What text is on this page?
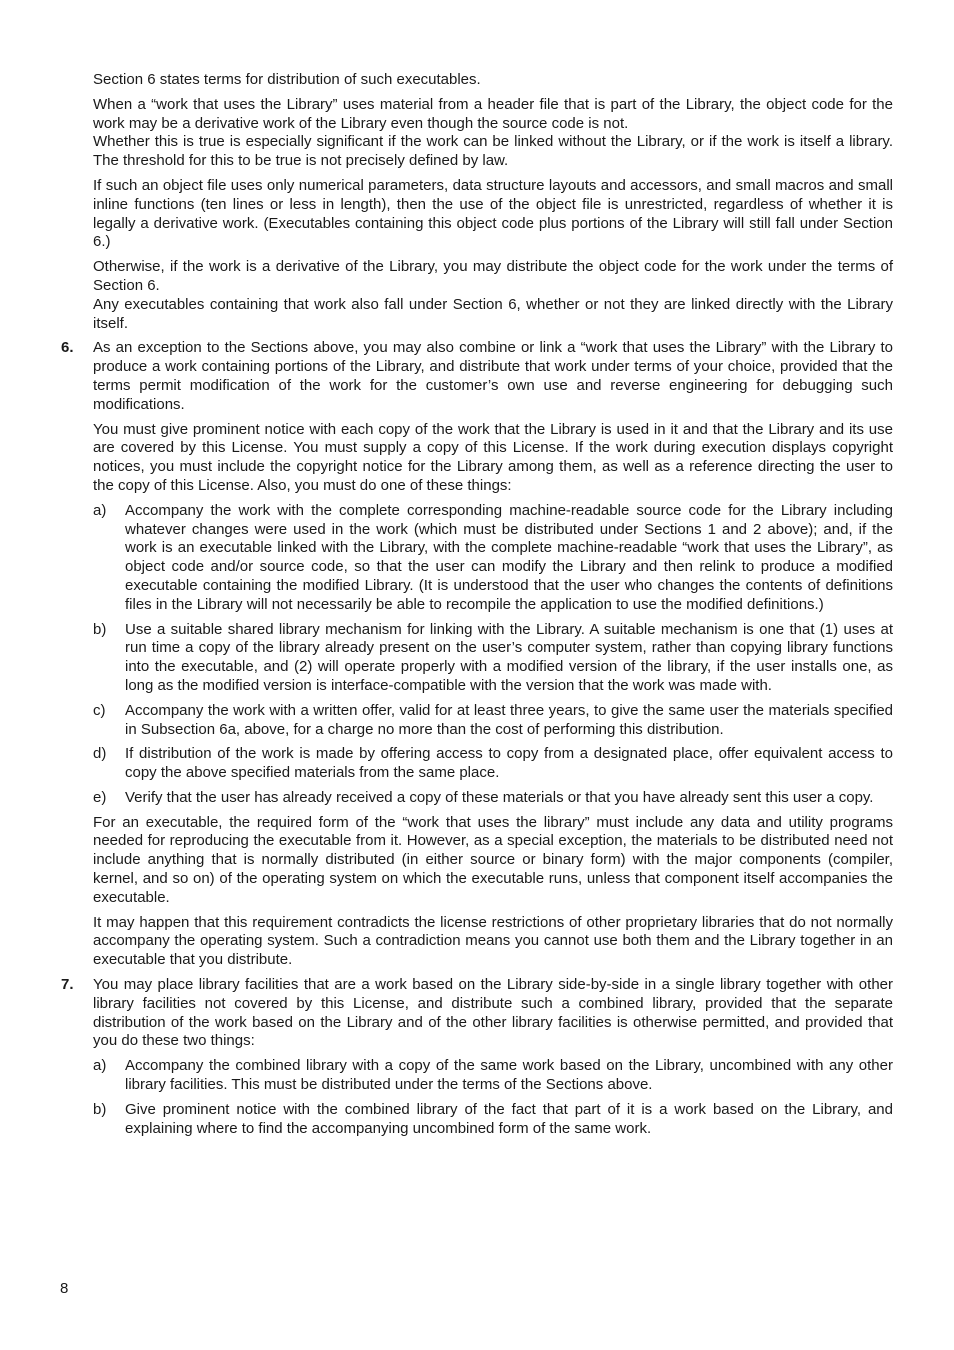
Section 6 states terms for distribution of such executables.

When a “work that uses the Library” uses material from a header file that is part of the Library, the object code for the work may be a derivative work of the Library even though the source code is not.

Whether this is true is especially significant if the work can be linked without the Library, or if the work is itself a library. The threshold for this to be true is not precisely defined by law.

If such an object file uses only numerical parameters, data structure layouts and accessors, and small macros and small inline functions (ten lines or less in length), then the use of the object file is unrestricted, regardless of whether it is legally a derivative work. (Executables containing this object code plus portions of the Library will still fall under Section 6.)

Otherwise, if the work is a derivative of the Library, you may distribute the object code for the work under the terms of Section 6.

Any executables containing that work also fall under Section 6, whether or not they are linked directly with the Library itself.

6. As an exception to the Sections above, you may also combine or link a “work that uses the Library” with the Library to produce a work containing portions of the Library, and distribute that work under terms of your choice, provided that the terms permit modification of the work for the customer’s own use and reverse engineering for debugging such modifications.

You must give prominent notice with each copy of the work that the Library is used in it and that the Library and its use are covered by this License. You must supply a copy of this License. If the work during execution displays copyright notices, you must include the copyright notice for the Library among them, as well as a reference directing the user to the copy of this License. Also, you must do one of these things:

a) Accompany the work with the complete corresponding machine-readable source code for the Library including whatever changes were used in the work (which must be distributed under Sections 1 and 2 above); and, if the work is an executable linked with the Library, with the complete machine-readable “work that uses the Library”, as object code and/or source code, so that the user can modify the Library and then relink to produce a modified executable containing the modified Library. (It is understood that the user who changes the contents of definitions files in the Library will not necessarily be able to recompile the application to use the modified definitions.)

b) Use a suitable shared library mechanism for linking with the Library. A suitable mechanism is one that (1) uses at run time a copy of the library already present on the user’s computer system, rather than copying library functions into the executable, and (2) will operate properly with a modified version of the library, if the user installs one, as long as the modified version is interface-compatible with the version that the work was made with.

c) Accompany the work with a written offer, valid for at least three years, to give the same user the materials specified in Subsection 6a, above, for a charge no more than the cost of performing this distribution.

d) If distribution of the work is made by offering access to copy from a designated place, offer equivalent access to copy the above specified materials from the same place.

e) Verify that the user has already received a copy of these materials or that you have already sent this user a copy.

For an executable, the required form of the “work that uses the library” must include any data and utility programs needed for reproducing the executable from it. However, as a special exception, the materials to be distributed need not include anything that is normally distributed (in either source or binary form) with the major components (compiler, kernel, and so on) of the operating system on which the executable runs, unless that component itself accompanies the executable.

It may happen that this requirement contradicts the license restrictions of other proprietary libraries that do not normally accompany the operating system. Such a contradiction means you cannot use both them and the Library together in an executable that you distribute.

7. You may place library facilities that are a work based on the Library side-by-side in a single library together with other library facilities not covered by this License, and distribute such a combined library, provided that the separate distribution of the work based on the Library and of the other library facilities is otherwise permitted, and provided that you do these two things:

a) Accompany the combined library with a copy of the same work based on the Library, uncombined with any other library facilities. This must be distributed under the terms of the Sections above.

b) Give prominent notice with the combined library of the fact that part of it is a work based on the Library, and explaining where to find the accompanying uncombined form of the same work.

8
